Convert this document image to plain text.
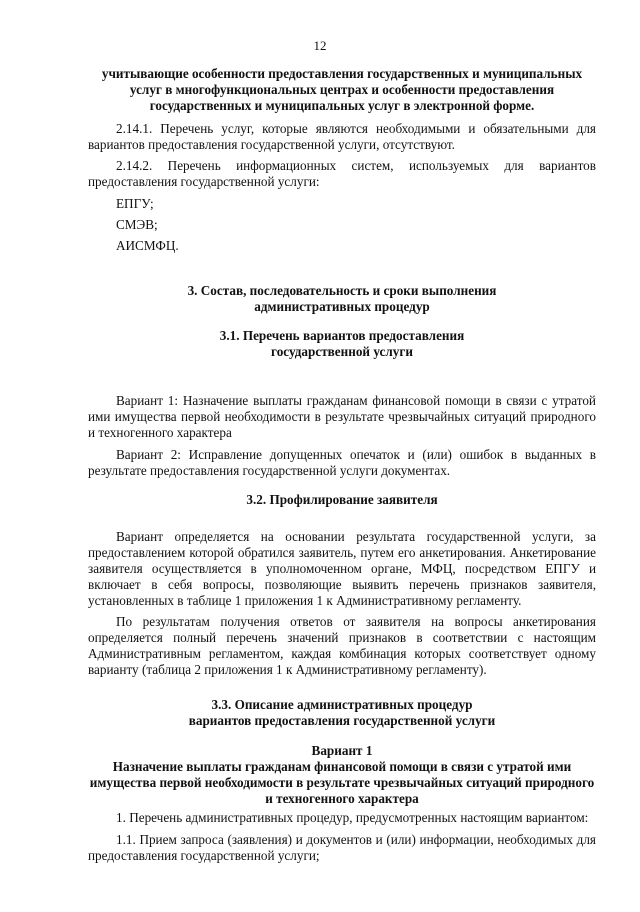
12
учитывающие особенности предоставления государственных и муниципальных
услуг в многофункциональных центрах и особенности предоставления
государственных и муниципальных услуг в электронной форме.
2.14.1. Перечень услуг, которые являются необходимыми и обязательными для вариантов предоставления государственной услуги, отсутствуют.
2.14.2. Перечень информационных систем, используемых для вариантов предоставления государственной услуги:
ЕПГУ;
СМЭВ;
АИСМФЦ.
3. Состав, последовательность и сроки выполнения
административных процедур
3.1. Перечень вариантов предоставления
государственной услуги
Вариант 1: Назначение выплаты гражданам финансовой помощи в связи с утратой ими имущества первой необходимости в результате чрезвычайных ситуаций природного и техногенного характера
Вариант 2: Исправление допущенных опечаток и (или) ошибок в выданных в результате предоставления государственной услуги документах.
3.2. Профилирование заявителя
Вариант определяется на основании результата государственной услуги, за предоставлением которой обратился заявитель, путем его анкетирования. Анкетирование заявителя осуществляется в уполномоченном органе, МФЦ, посредством ЕПГУ и включает в себя вопросы, позволяющие выявить перечень признаков заявителя, установленных в таблице 1 приложения 1 к Административному регламенту.
По результатам получения ответов от заявителя на вопросы анкетирования определяется полный перечень значений признаков в соответствии с настоящим Административным регламентом, каждая комбинация которых соответствует одному варианту (таблица 2 приложения 1 к Административному регламенту).
3.3. Описание административных процедур
вариантов предоставления государственной услуги
Вариант 1
Назначение выплаты гражданам финансовой помощи в связи с утратой ими
имущества первой необходимости в результате чрезвычайных ситуаций природного
и техногенного характера
1. Перечень административных процедур, предусмотренных настоящим вариантом:
1.1. Прием запроса (заявления) и документов и (или) информации, необходимых для предоставления государственной услуги;
